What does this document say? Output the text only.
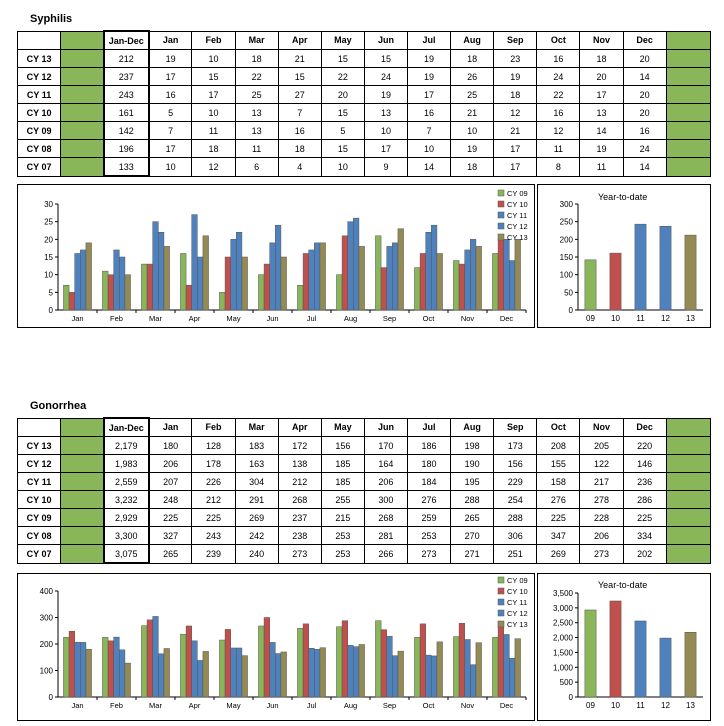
Syphilis
		Jan-Dec	Jan	Feb	Mar	Apr	May	Jun	Jul	Aug	Sep	Oct	Nov	Dec	
CY 13		212	19	10	18	21	15	15	19	18	23	16	18	20	
CY 12		237	17	15	22	15	22	24	19	26	19	24	20	14	
CY 11		243	16	17	25	27	20	19	17	25	18	22	17	20	
CY 10		161	5	10	13	7	15	13	16	21	12	16	13	20	
CY 09		142	7	11	13	16	5	10	7	10	21	12	14	16	
CY 08		196	17	18	11	18	15	17	10	19	17	11	19	24	
CY 07		133	10	12	6	4	10	9	14	18	17	8	11	14	
0
5
10
15
20
25
30
Jan	Feb	Mar	Apr	May	Jun	Jul	Aug	Sep	Oct	Nov	Dec
CY 09
CY 10
CY 11
CY 12
CY 13
Year-to-date
0
50
100
150
200
250
300
09 10 11 12 13
Gonorrhea
		Jan-Dec	Jan	Feb	Mar	Apr	May	Jun	Jul	Aug	Sep	Oct	Nov	Dec	
CY 13		2,179	180	128	183	172	156	170	186	198	173	208	205	220	
CY 12		1,983	206	178	163	138	185	164	180	190	156	155	122	146	
CY 11		2,559	207	226	304	212	185	206	184	195	229	158	217	236	
CY 10		3,232	248	212	291	268	255	300	276	288	254	276	278	286	
CY 09		2,929	225	225	269	237	215	268	259	265	288	225	228	225	
CY 08		3,300	327	243	242	238	253	281	253	270	306	347	206	334	
CY 07		3,075	265	239	240	273	253	266	273	271	251	269	273	202	
0
100
200
300
400
Jan	Feb	Mar	Apr	May	Jun	Jul	Aug	Sep	Oct	Nov	Dec
CY 09
CY 10
CY 11
CY 12
CY 13
Year-to-date
0
500
1,000
1,500
2,000
2,500
3,000
3,500
09 10 11 12 13
